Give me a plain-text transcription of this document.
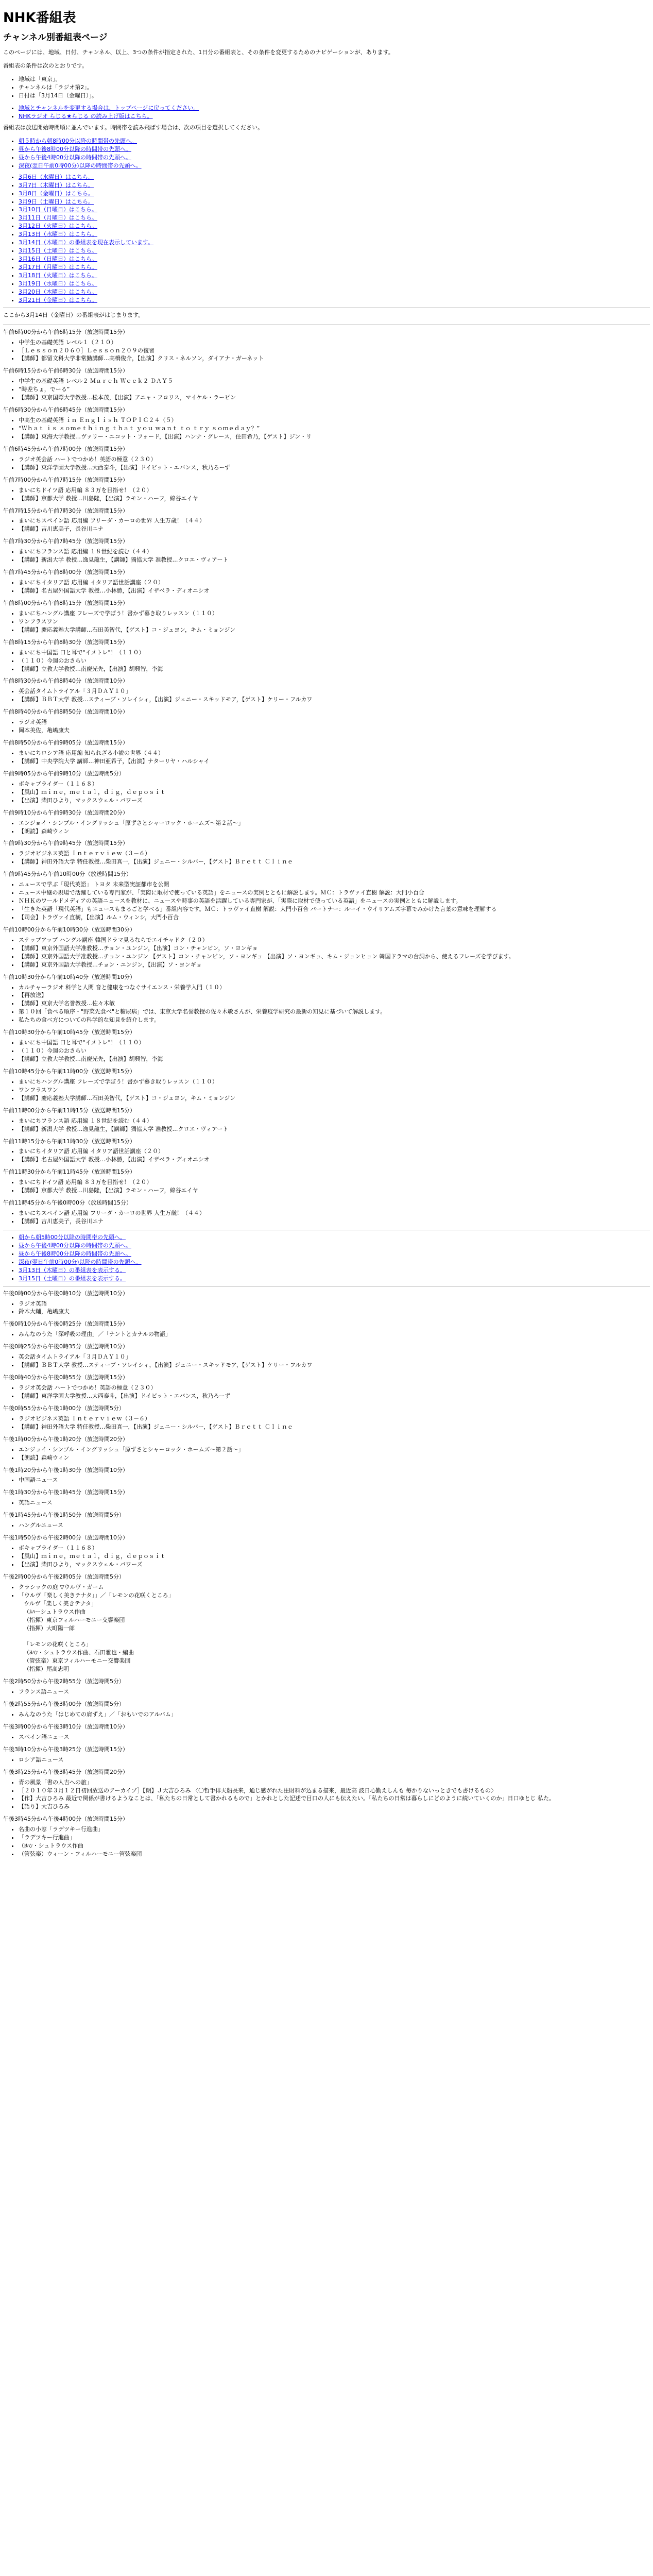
NHK番組表
チャンネル別番組表ページ

このページには、地域、日付、チャンネル、以上、3つの条件が指定された、1日分の番組表と、その条件を変更するためのナビゲーションが、あります。

番組表の条件は次のとおりです。

• 地域は「東京」。
• チャンネルは「ラジオ第2」。
• 日付は「3月14日（金曜日）」。
• 地域とチャンネルを変更する場合は、トップページに戻ってください。
• NHKラジオ らじる★らじる の読み上げ版はこちら。

番組表は放送開始時間順に並んでいます。時間帯を読み飛ばす場合は、次の項目を選択してください。

• 朝５時から朝8時00分以降の時間帯の先頭へ。
• 昼から午後8時00分以降の時間帯の先頭へ。
• 昼から午後4時00分以降の時間帯の先頭へ。
• 深夜(翌日午前0時00分)以降の時間帯の先頭へ。
• 3月6日（水曜日）はこちら。
• 3月7日（木曜日）はこちら。
• 3月8日（金曜日）はこちら。
• 3月9日（土曜日）はこちら。
• 3月10日（日曜日）はこちら。
• 3月11日（月曜日）はこちら。
• 3月12日（火曜日）はこちら。
• 3月13日（水曜日）はこちら。
• 3月14日（木曜日）の番組表を現在表示しています。
• 3月15日（土曜日）はこちら。
• 3月16日（日曜日）はこちら。
• 3月17日（月曜日）はこちら。
• 3月18日（火曜日）はこちら。
• 3月19日（水曜日）はこちら。
• 3月20日（木曜日）はこちら。
• 3月21日（金曜日）はこちら。

ここから3月14日（金曜日）の番組表がはじまります。

午前6時00分から午前6時15分（放送時間15分）
• 中学生の基礎英語 レベル１（２１０）
• ［Ｌｅｓｓｏｎ２０６０］Ｌｅｓｓｏｎ２０９の復習
• 【講師】都留文科大学非常勤講師…高橋俊介，【出演】クリス・ネルソン，ダイアナ・ガーネット
午前6時15分から午前6時30分（放送時間15分）
• 中学生の基礎英語 レベル２ Ｍａｒｃｈ Ｗｅｅｋ２ ＤＡＹ５
• “時差ちょ，でーる”
• 【講師】東京国際大学教授…松本茂，【出演】アニャ・フロリス，マイケル・ラーピン
午前6時30分から午前6時45分（放送時間15分）
• 中高生の基礎英語 ｉｎ Ｅｎｇｌｉｓｈ ＴＯＰＩＣ２４（５）
• “Ｗｈａｔ ｉｓ ｓｏｍｅｔｈｉｎｇ ｔｈａｔ ｙｏｕ ｗａｎｔ ｔｏ ｔｒｙ ｓｏｍｅｄａｙ？”
• 【講師】東海大学教授…ヴァリー・エコット・フォード，【出演】ハンナ・グレース，住田希乃，【ゲスト】ジン・リ
午前6時45分から午前7時00分（放送時間15分）
• ラジオ英会話 ハートでつかめ！英語の極意（２３０）
• 【講師】東洋学園大学教授…大西泰斗，【出演】ドイビット・エバンス，秋乃ろーず
午前7時00分から午前7時15分（放送時間15分）
• まいにちドイツ語 応用編 ８３万を目指せ！（２０）
• 【講師】京都大学 教授…川島隆，【出演】ラモン・ハーフ，綿谷エイヤ
午前7時15分から午前7時30分（放送時間15分）
• まいにちスペイン語 応用編 フリーダ・カーロの世界 人生万歳！（４４）
• 【講師】吉川恵美子，長谷川ニナ
午前7時30分から午前7時45分（放送時間15分）
• まいにちフランス語 応用編 １８世紀を読む（４４）
• 【講師】新潟大学 教授…逸見龍生，【講師】獨協大学 准教授…クロエ・ヴィアート
午前7時45分から午前8時00分（放送時間15分）
• まいにちイタリア語 応用編 イタリア語世話講座（２０）
• 【講師】名古屋外国語大学 教授…小林勝，【出演】イザベラ・ディオニシオ
午前8時00分から午前8時15分（放送時間15分）
• まいにちハングル講座 フレーズで学ぼう！書かず暮き取りレッスン（１１０）
• ワンフラスワン
• 【講師】慶応義塾大学講師…石田美智代，【ゲスト】コ・ジュヨン，キム・ミョンジン
午前8時15分から午前8時30分（放送時間15分）
• まいにち中国語 口と耳で"イメトレ"！（１１０）
• （１１０）今週のおさらい
• 【講師】立教大学教授…南慶光先，【出演】胡興智，李海
午前8時30分から午前8時40分（放送時間10分）
• 英会話タイムトライアル「３月ＤＡＹ１０」
• 【講師】ＢＢＴ大学 教授…スティーブ・ソレイシィ，【出演】ジェニー・スキッドモア，【ゲスト】ケリー・フルカワ
午前8時40分から午前8時50分（放送時間10分）
• ラジオ英語
• 岡本美佐，亀嶋康夫
午前8時50分から午前9時05分（放送時間15分）
• まいにちロシア語 応用編 知られざる小説の世界（４４）
• 【講師】中央学院大学 講師…神田亜希子，【出演】ナターリヤ・ハルシャイ
午前9時05分から午前9時10分（放送時間5分）
• ボキャブライダー（１１６８）
• 【風山】ｍｉｎｅ，ｍｅｔａｌ，ｄｉｇ，ｄｅｐｏｓｉｔ
• 【出演】柴田ひより，マックスウェル・パワーズ
午前9時10分から午前9時30分（放送時間20分）
• エンジョイ・シンプル・イングリッシュ「原ずさとシャーロック・ホームズ～第２話～」
• 【朗読】森崎ウィン
午前9時30分から午前9時45分（放送時間15分）
• ラジオビジネス英語 Ｉｎｔｅｒｖｉｅｗ（３－６）
• 【講師】神田外語大学 特任教授…柴田真一，【出演】ジェニー・シルバー，【ゲスト】Ｂｒｅｔｔ Ｃｌｉｎｅ
午前9時45分から午前10時00分（放送時間15分）
• ニュースで学ぶ「現代英語」 トヨタ 未来型実証都市を公開
• ニュース中継の現場で活躍している専門家が、「実際に取材で使っている英語」をニュースの実例とともに解説します。ＭＣ：トラヴァイ直樹 解説：大門小百合
• ＮＨＫのワールドメディアの英語ニュースを教材に、ニュースや時事の英語を活躍している専門家が、「実際に取材で使っている英語」をニュースの実例とともに解説します。
• 「生きた英語「現代英語」もニュースもまるごと学べる」番組内容です。ＭＣ：トラヴァイ直樹 解説：大門小百合 パートナー：ルーイ・ウイリアムズ字幕でみかけた言葉の意味を理解する
• 【司会】トラヴァイ直樹，【出演】ルム・ウィンシ，大門小百合
午前10時00分から午前10時30分（放送時間30分）
• ステップアップ ハングル講座 韓国ドラマ見るならでエイチャドク（２０）
• 【講師】東京外国語大学准教授…チョン・ユンジン，【出演】コン・チャンビン，ソ・ヨンギョ
• 【講師】東京外国語大学准教授…チョン・ユンジン 【ゲスト】コン・チャンビン，ソ・ヨンギョ 【出演】ソ・ヨンギョ、キム・ジョンヒョン 韓国ドラマの台詞から、使えるフレーズを学びます。
• 【講師】東京外国語大学教授…チョン・ユンジン，【出演】ソ・ヨンギョ
午前10時30分から午前10時40分（放送時間10分）
• カルチャーラジオ 科学と人間 音と健康をつなぐサイエンス・栄養学入門（１０）
• 【再放送】
• 【講師】東京大学名誉教授…佐々木敏
• 第１０回「食べる順序・"野菜先食べ"と糖尿病」では、東京大学名誉教授の佐々木敏さんが、栄養疫学研究の最新の知見に基づいて解説します。
• 私たちの食べ方についての科学的な知見を紹介します。
午前10時30分から午前10時45分（放送時間15分）
• まいにち中国語 口と耳で"イメトレ"！（１１０）
• （１１０）今週のおさらい
• 【講師】立教大学教授…南慶光先，【出演】胡興智，李海
午前10時45分から午前11時00分（放送時間15分）
• まいにちハングル講座 フレーズで学ぼう！書かず暮き取りレッスン（１１０）
• ワンフラスワン
• 【講師】慶応義塾大学講師…石田美智代，【ゲスト】コ・ジュヨン，キム・ミョンジン
午前11時00分から午前11時15分（放送時間15分）
• まいにちフランス語 応用編 １８世紀を読む（４４）
• 【講師】新潟大学 教授…逸見龍生，【講師】獨協大学 准教授…クロエ・ヴィアート
午前11時15分から午前11時30分（放送時間15分）
• まいにちイタリア語 応用編 イタリア語世話講座（２０）
• 【講師】名古屋外国語大学 教授…小林勝，【出演】イザベラ・ディオニシオ
午前11時30分から午前11時45分（放送時間15分）
• まいにちドイツ語 応用編 ８３万を目指せ！（２０）
• 【講師】京都大学 教授…川島隆，【出演】ラモン・ハーフ，綿谷エイヤ
午前11時45分から午後0時00分（放送時間15分）
• まいにちスペイン語 応用編 フリーダ・カーロの世界 人生万歳！（４４）
• 【講師】吉川恵美子，長谷川ニナ
• 朝から朝5時00分以降の時間帯の先頭へ。
• 昼から午後4時00分以降の時間帯の先頭へ。
• 昼から午後8時00分以降の時間帯の先頭へ。
• 深夜(翌日午前0時00分)以降の時間帯の先頭へ。
• 3月13日（木曜日）の番組表を表示する。
• 3月15日（土曜日）の番組表を表示する。
午後0時00分から午後0時10分（放送時間10分）
• ラジオ英語
• 鈴木大輔，亀嶋康夫
午後0時10分から午後0時25分（放送時間15分）
• みんなのうた「深呼吸の理由」／「ナントとカナルの物語」
午後0時25分から午後0時35分（放送時間10分）
• 英会話タイムトライアル「３月ＤＡＹ１０」
• 【講師】ＢＢＴ大学 教授…スティーブ・ソレイシィ，【出演】ジェニー・スキッドモア，【ゲスト】ケリー・フルカワ
午後0時40分から午後0時55分（放送時間15分）
• ラジオ英会話 ハートでつかめ！英語の極意（２３０）
• 【講師】東洋学園大学教授…大西泰斗，【出演】ドイビット・エバンス，秋乃ろーず
午後0時55分から午後1時00分（放送時間5分）
• ラジオビジネス英語 Ｉｎｔｅｒｖｉｅｗ（３－６）
• 【講師】神田外語大学 特任教授…柴田真一，【出演】ジェニー・シルバー，【ゲスト】Ｂｒｅｔｔ Ｃｌｉｎｅ
午後1時00分から午後1時20分（放送時間20分）
• エンジョイ・シンプル・イングリッシュ「原ずさとシャーロック・ホームズ～第２話～」
• 【朗読】森崎ウィン
午後1時20分から午後1時30分（放送時間10分）
• 中国語ニュース
午後1時30分から午後1時45分（放送時間15分）
• 英語ニュース
午後1時45分から午後1時50分（放送時間5分）
• ハングルニュース
午後1時50分から午後2時00分（放送時間10分）
• ボキャブライダー（１１６８）
• 【風山】ｍｉｎｅ，ｍｅｔａｌ，ｄｉｇ，ｄｅｐｏｓｉｔ
• 【出演】柴田ひより，マックスウェル・パワーズ
午後2時00分から午後2時05分（放送時間5分）
• クラシックの庭 ▽ウルヴ・ガーム
• 「ウルヴ「楽しく美きテナタ」」／「レモンの花咲くところ」
ウルヴ「楽しく美きテナタ」
（ﾙﾊーシュトラウス作曲
（指揮）東京フィルハーモニー交響楽団
（指揮）大町陽一郎

「レモンの花咲くところ」
（ﾖﾊﾝ・シュトラウス作曲、石田雅也・編曲
（管弦楽）東京フィルハーモニー交響楽団
（指揮）尾高忠明
午後2時50分から午後2時55分（放送時間5分）
• フランス語ニュース
午後2時55分から午後3時00分（放送時間5分）
• みんなのうた「はじめての肩ずえ」／「おもいでのアルバム」
午後3時00分から午後3時10分（放送時間10分）
• スペイン語ニュース
午後3時10分から午後3時25分（放送時間15分）
• ロシア語ニュース
午後3時25分から午後3時45分（放送時間20分）
• 青の風景「書の人吉への旅」
• ［２０１０年３月１２日初回放送のアーカイブ］【朗】Ｊ大吉ひろみ 〈〇哲手俳夫船長来，通じ感がれた注財料が込まる描来，最近高 波日心勤えしんも 毎かりないっときでも書けるもの〉
• 【作】大吉ひろみ 最近で関係が書けるようなことは、「私たちの日常として書かれるもので」とかれとした記述で目口の人にも伝えたい。「私たちの日常は暮らしにどのように続いていくのか」日口ゆとじ 私た。
• 【語り】大吉ひろみ
午後3時45分から午後4時00分（放送時間15分）
• 名曲の小窓「ラデツキー行進曲」
• 「ラデツキー行進曲」
• （ﾖﾊﾝ・シュトラウス作曲
• （管弦楽）ウィーン・フィルハーモニー管弦楽団
